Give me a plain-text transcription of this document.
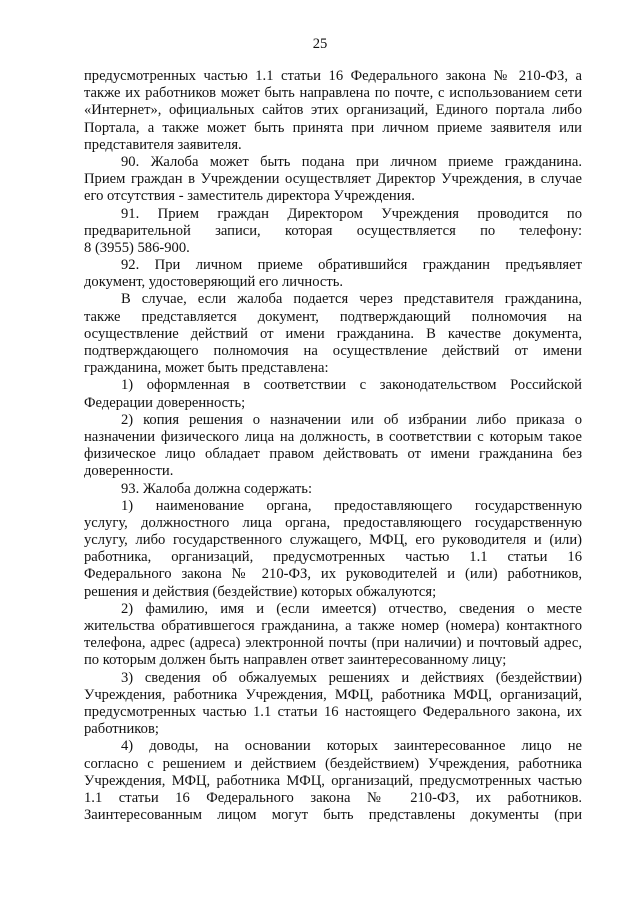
25
предусмотренных частью 1.1 статьи 16 Федерального закона № 210-ФЗ, а
также их работников может быть направлена по почте, с использованием сети
«Интернет», официальных сайтов этих организаций, Единого портала либо
Портала, а также может быть принята при личном приеме заявителя или
представителя заявителя.
90. Жалоба может быть подана при личном приеме гражданина.
Прием граждан в Учреждении осуществляет Директор Учреждения, в случае
его отсутствия - заместитель директора Учреждения.
91. Прием граждан Директором Учреждения проводится по
предварительной записи, которая осуществляется по телефону:
8 (3955) 586-900.
92. При личном приеме обратившийся гражданин предъявляет
документ, удостоверяющий его личность.
В случае, если жалоба подается через представителя гражданина,
также представляется документ, подтверждающий полномочия на
осуществление действий от имени гражданина. В качестве документа,
подтверждающего полномочия на осуществление действий от имени
гражданина, может быть представлена:
1) оформленная в соответствии с законодательством Российской
Федерации доверенность;
2) копия решения о назначении или об избрании либо приказа о
назначении физического лица на должность, в соответствии с которым такое
физическое лицо обладает правом действовать от имени гражданина без
доверенности.
93. Жалоба должна содержать:
1) наименование органа, предоставляющего государственную
услугу, должностного лица органа, предоставляющего государственную
услугу, либо государственного служащего, МФЦ, его руководителя и (или)
работника, организаций, предусмотренных частью 1.1 статьи 16
Федерального закона № 210-ФЗ, их руководителей и (или) работников,
решения и действия (бездействие) которых обжалуются;
2) фамилию, имя и (если имеется) отчество, сведения о месте
жительства обратившегося гражданина, а также номер (номера) контактного
телефона, адрес (адреса) электронной почты (при наличии) и почтовый адрес,
по которым должен быть направлен ответ заинтересованному лицу;
3) сведения об обжалуемых решениях и действиях (бездействии)
Учреждения, работника Учреждения, МФЦ, работника МФЦ, организаций,
предусмотренных частью 1.1 статьи 16 настоящего Федерального закона, их
работников;
4) доводы, на основании которых заинтересованное лицо не
согласно с решением и действием (бездействием) Учреждения, работника
Учреждения, МФЦ, работника МФЦ, организаций, предусмотренных частью
1.1 статьи 16 Федерального закона № 210-ФЗ, их работников.
Заинтересованным лицом могут быть представлены документы (при
